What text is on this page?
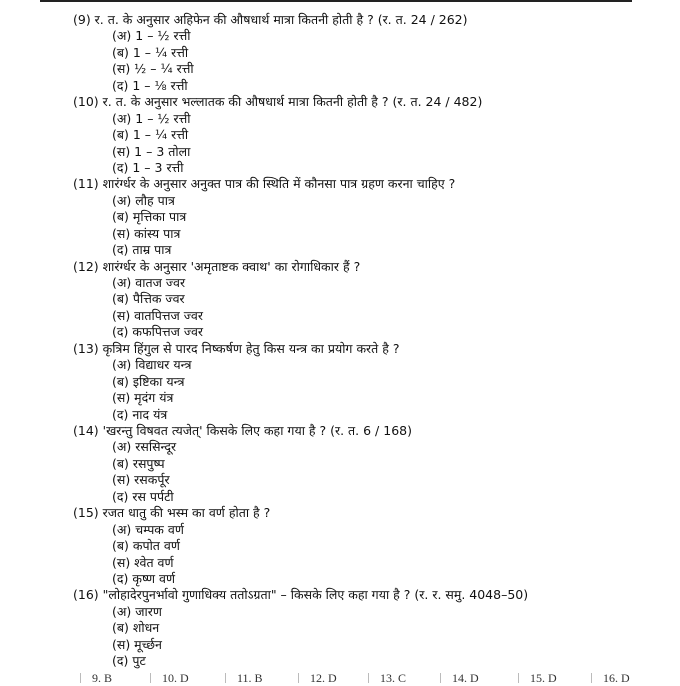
(9) र. त. के अनुसार अहिफेन की औषधार्थ मात्रा कितनी होती है ? (र. त. 24 / 262)
(अ) 1 – ½ रत्ती
(ब) 1 – ¼ रत्ती
(स) ½ – ¼ रत्ती
(द) 1 – ⅛ रत्ती
(10) र. त. के अनुसार भल्लातक की औषधार्थ मात्रा कितनी होती है ? (र. त. 24 / 482)
(अ) 1 – ½ रत्ती
(ब) 1 – ¼ रत्ती
(स) 1 – 3 तोला
(द) 1 – 3 रत्ती
(11) शारंर्ग्धर के अनुसार अनुक्त पात्र की स्थिति में कौनसा पात्र ग्रहण करना चाहिए ?
(अ) लौह पात्र
(ब) मृत्तिका पात्र
(स) कांस्य पात्र
(द) ताम्र पात्र
(12) शारंर्ग्धर के अनुसार 'अमृताष्टक क्वाथ' का रोगाधिकार हैं ?
(अ) वातज ज्वर
(ब) पैत्तिक ज्वर
(स) वातपित्तज ज्वर
(द) कफपित्तज ज्वर
(13) कृत्रिम हिंगुल से पारद निष्कर्षण हेतु किस यन्त्र का प्रयोग करते है ?
(अ) विद्याधर यन्त्र
(ब) इष्टिका यन्त्र
(स) मृदंग यंत्र
(द) नाद यंत्र
(14) 'खरन्तु विषवत त्यजेत्' किसके लिए कहा गया है ? (र. त. 6 / 168)
(अ) रससिन्दूर
(ब) रसपुष्प
(स) रसकर्पूर
(द) रस पर्पटी
(15) रजत धातु की भस्म का वर्ण होता है ?
(अ) चम्पक वर्ण
(ब) कपोत वर्ण
(स) श्वेत वर्ण
(द) कृष्ण वर्ण
(16) "लोहादेरपुनर्भावो गुणाधिक्य ततोऽग्रता" – किसके लिए कहा गया है ? (र. र. समु. 4048–50)
(अ) जारण
(ब) शोधन
(स) मूर्च्छन
(द) पुट
9. B	10. D	11. B	12. D	13. C	14. D	15. D	16. D
